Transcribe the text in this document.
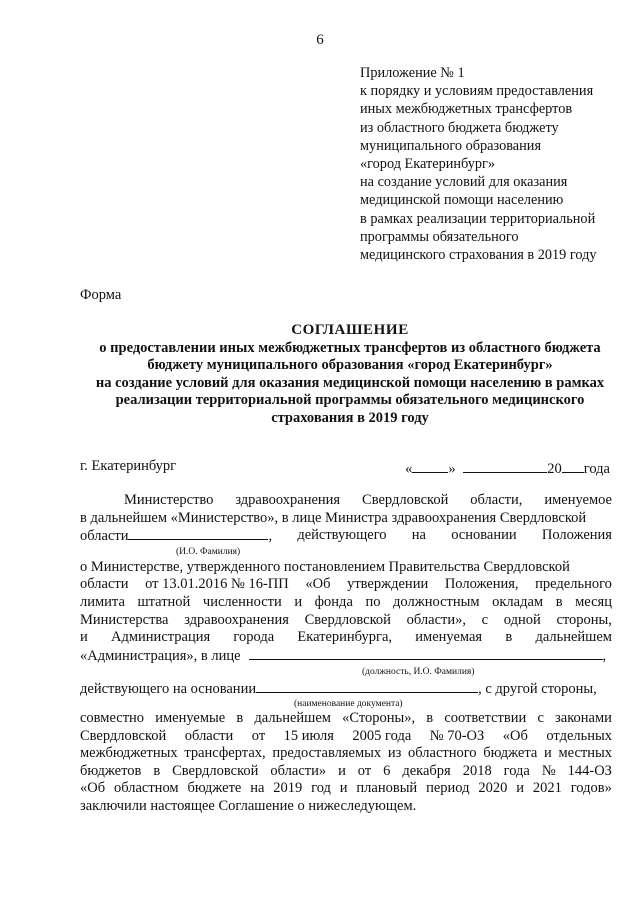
6
Приложение № 1
к порядку и условиям предоставления
иных межбюджетных трансфертов
из областного бюджета бюджету
муниципального образования
«город Екатеринбург»
на создание условий для оказания
медицинской помощи населению
в рамках реализации территориальной
программы обязательного
медицинского страхования в 2019 году
Форма
СОГЛАШЕНИЕ
о предоставлении иных межбюджетных трансфертов из областного бюджета
бюджету муниципального образования «город Екатеринбург»
на создание условий для оказания медицинской помощи населению в рамках
реализации территориальной программы обязательного медицинского
страхования в 2019 году
г. Екатеринбург	« »	20 года
Министерство здравоохранения Свердловской области, именуемое
в дальнейшем «Министерство», в лице Министра здравоохранения Свердловской
области	, действующего на основании Положения
(И.О. Фамилия)
о Министерстве, утвержденного постановлением Правительства Свердловской
области от 13.01.2016 № 16-ПП «Об утверждении Положения, предельного
лимита штатной численности и фонда по должностным окладам в месяц
Министерства здравоохранения Свердловской области», с одной стороны,
и Администрация города Екатеринбурга, именуемая в дальнейшем
«Администрация», в лице	,
(должность, И.О. Фамилия)
действующего на основании	, с другой стороны,
(наименование документа)
совместно именуемые в дальнейшем «Стороны», в соответствии с законами
Свердловской области от 15 июля 2005 года № 70-ОЗ «Об отдельных
межбюджетных трансфертах, предоставляемых из областного бюджета и местных
бюджетов в Свердловской области» и от 6 декабря 2018 года № 144-ОЗ
«Об областном бюджете на 2019 год и плановый период 2020 и 2021 годов»
заключили настоящее Соглашение о нижеследующем.
